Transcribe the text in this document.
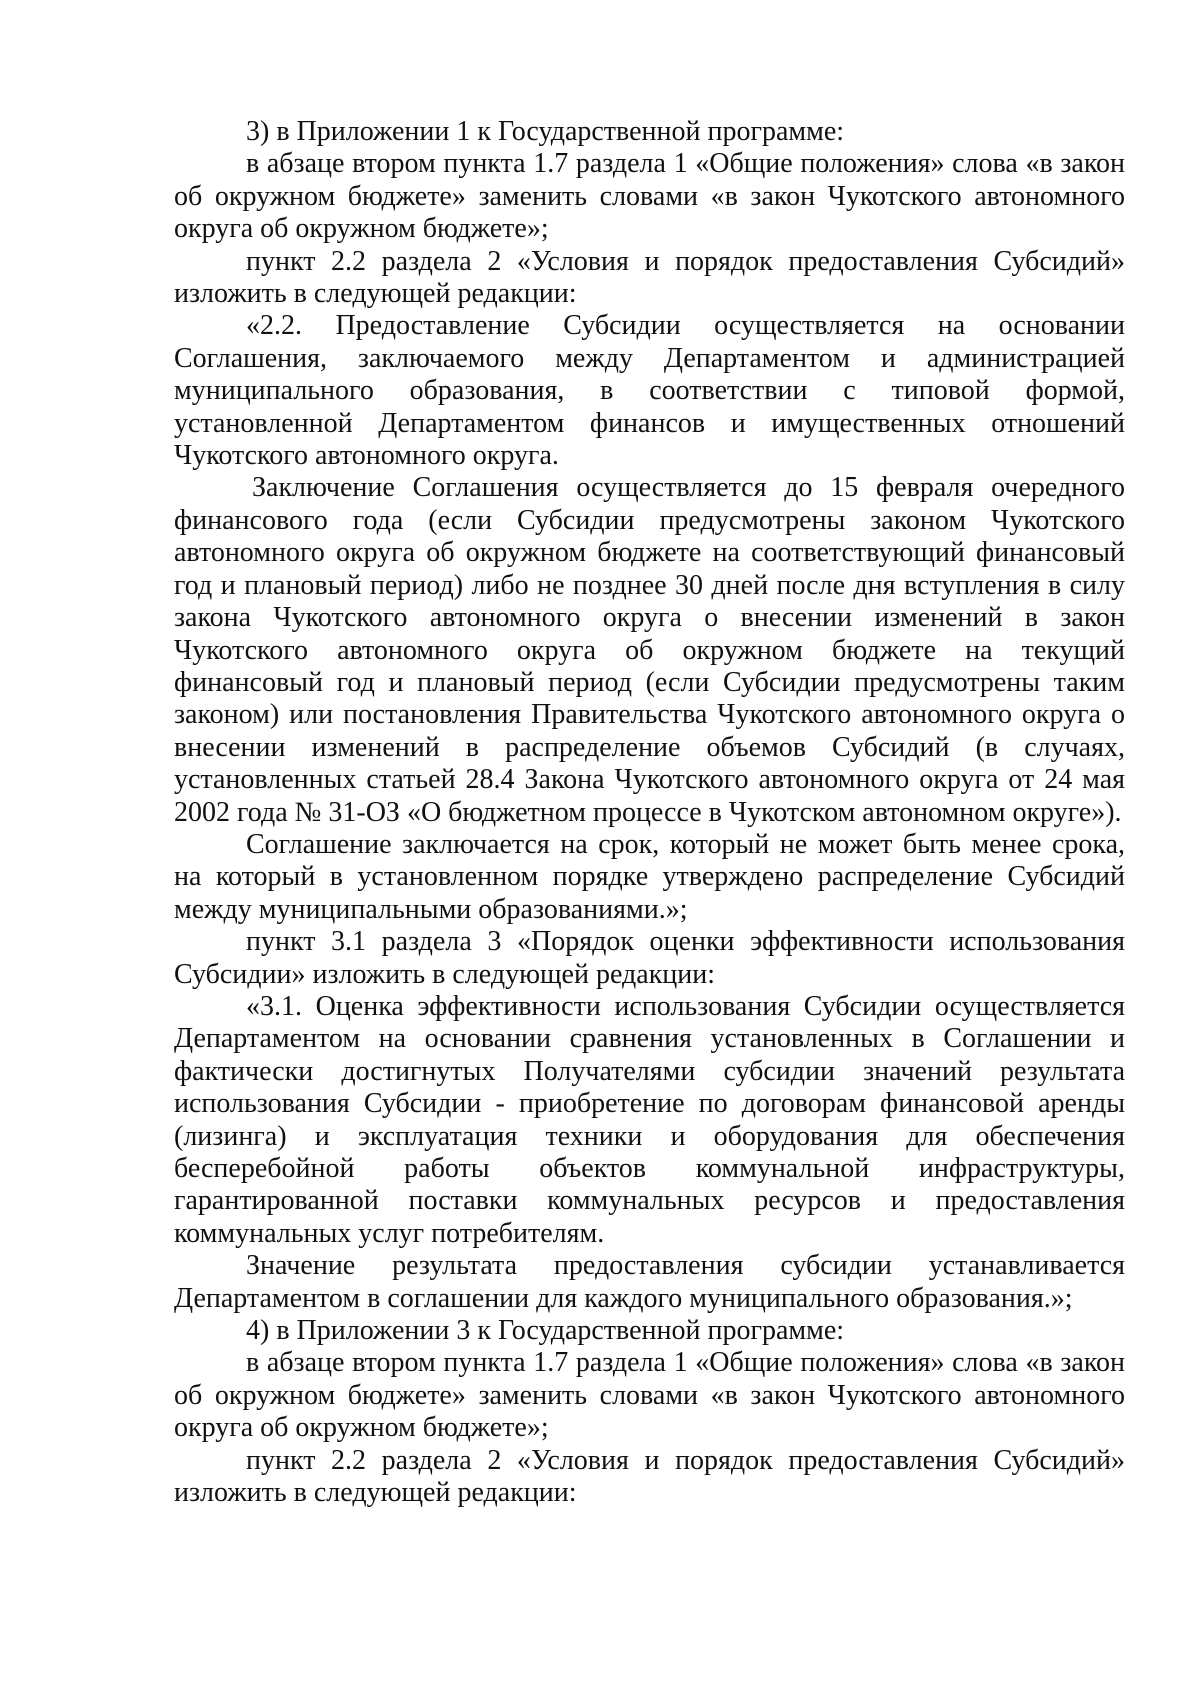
3) в Приложении 1 к Государственной программе:

в абзаце втором пункта 1.7 раздела 1 «Общие положения» слова «в закон об окружном бюджете» заменить словами «в закон Чукотского автономного округа об окружном бюджете»;

пункт 2.2 раздела 2 «Условия и порядок предоставления Субсидий» изложить в следующей редакции:

«2.2. Предоставление Субсидии осуществляется на основании Соглашения, заключаемого между Департаментом и администрацией муниципального образования, в соответствии с типовой формой, установленной Департаментом финансов и имущественных отношений Чукотского автономного округа.

Заключение Соглашения осуществляется до 15 февраля очередного финансового года (если Субсидии предусмотрены законом Чукотского автономного округа об окружном бюджете на соответствующий финансовый год и плановый период) либо не позднее 30 дней после дня вступления в силу закона Чукотского автономного округа о внесении изменений в закон Чукотского автономного округа об окружном бюджете на текущий финансовый год и плановый период (если Субсидии предусмотрены таким законом) или постановления Правительства Чукотского автономного округа о внесении изменений в распределение объемов Субсидий (в случаях, установленных статьей 28.4 Закона Чукотского автономного округа от 24 мая 2002 года № 31-ОЗ «О бюджетном процессе в Чукотском автономном округе»).

Соглашение заключается на срок, который не может быть менее срока, на который в установленном порядке утверждено распределение Субсидий между муниципальными образованиями.»;

пункт 3.1 раздела 3 «Порядок оценки эффективности использования Субсидии» изложить в следующей редакции:

«3.1. Оценка эффективности использования Субсидии осуществляется Департаментом на основании сравнения установленных в Соглашении и фактически достигнутых Получателями субсидии значений результата использования Субсидии - приобретение по договорам финансовой аренды (лизинга) и эксплуатация техники и оборудования для обеспечения бесперебойной работы объектов коммунальной инфраструктуры, гарантированной поставки коммунальных ресурсов и предоставления коммунальных услуг потребителям.

Значение результата предоставления субсидии устанавливается Департаментом в соглашении для каждого муниципального образования.»;

4) в Приложении 3 к Государственной программе:

в абзаце втором пункта 1.7 раздела 1 «Общие положения» слова «в закон об окружном бюджете» заменить словами «в закон Чукотского автономного округа об окружном бюджете»;

пункт 2.2 раздела 2 «Условия и порядок предоставления Субсидий» изложить в следующей редакции:
